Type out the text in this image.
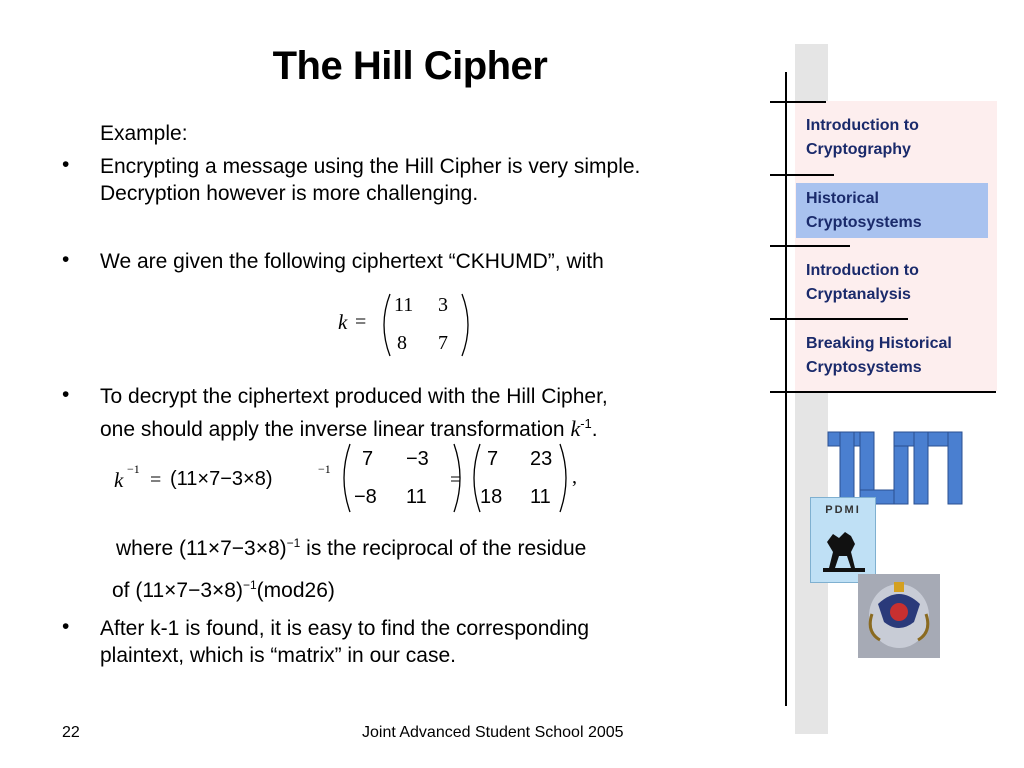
The Hill Cipher
Example:
• Encrypting a message using the Hill Cipher is very simple.
Decryption however is more challenging.
• We are given the following ciphertext “CKHUMD”, with
k =
11 3
8 7
• To decrypt the ciphertext produced with the Hill Cipher,
one should apply the inverse linear transformation $k^{-1}$.
k −1 = (11×7−3×8)	−1 7 −3
−8 11
=
7 23
18 11
,
where $(11\times 7-3\times 8)^{-1}$ is the reciprocal of the residue
of $(11\times 7-3\times 8)^{-1}(mod26)$
• After k-1 is found, it is easy to find the corresponding
plaintext, which is “matrix” in our case.
Introduction to Cryptography
Historical Cryptosystems
Introduction to Cryptanalysis
Breaking Historical Cryptosystems
PDMI
22	Joint Advanced Student School 2005
